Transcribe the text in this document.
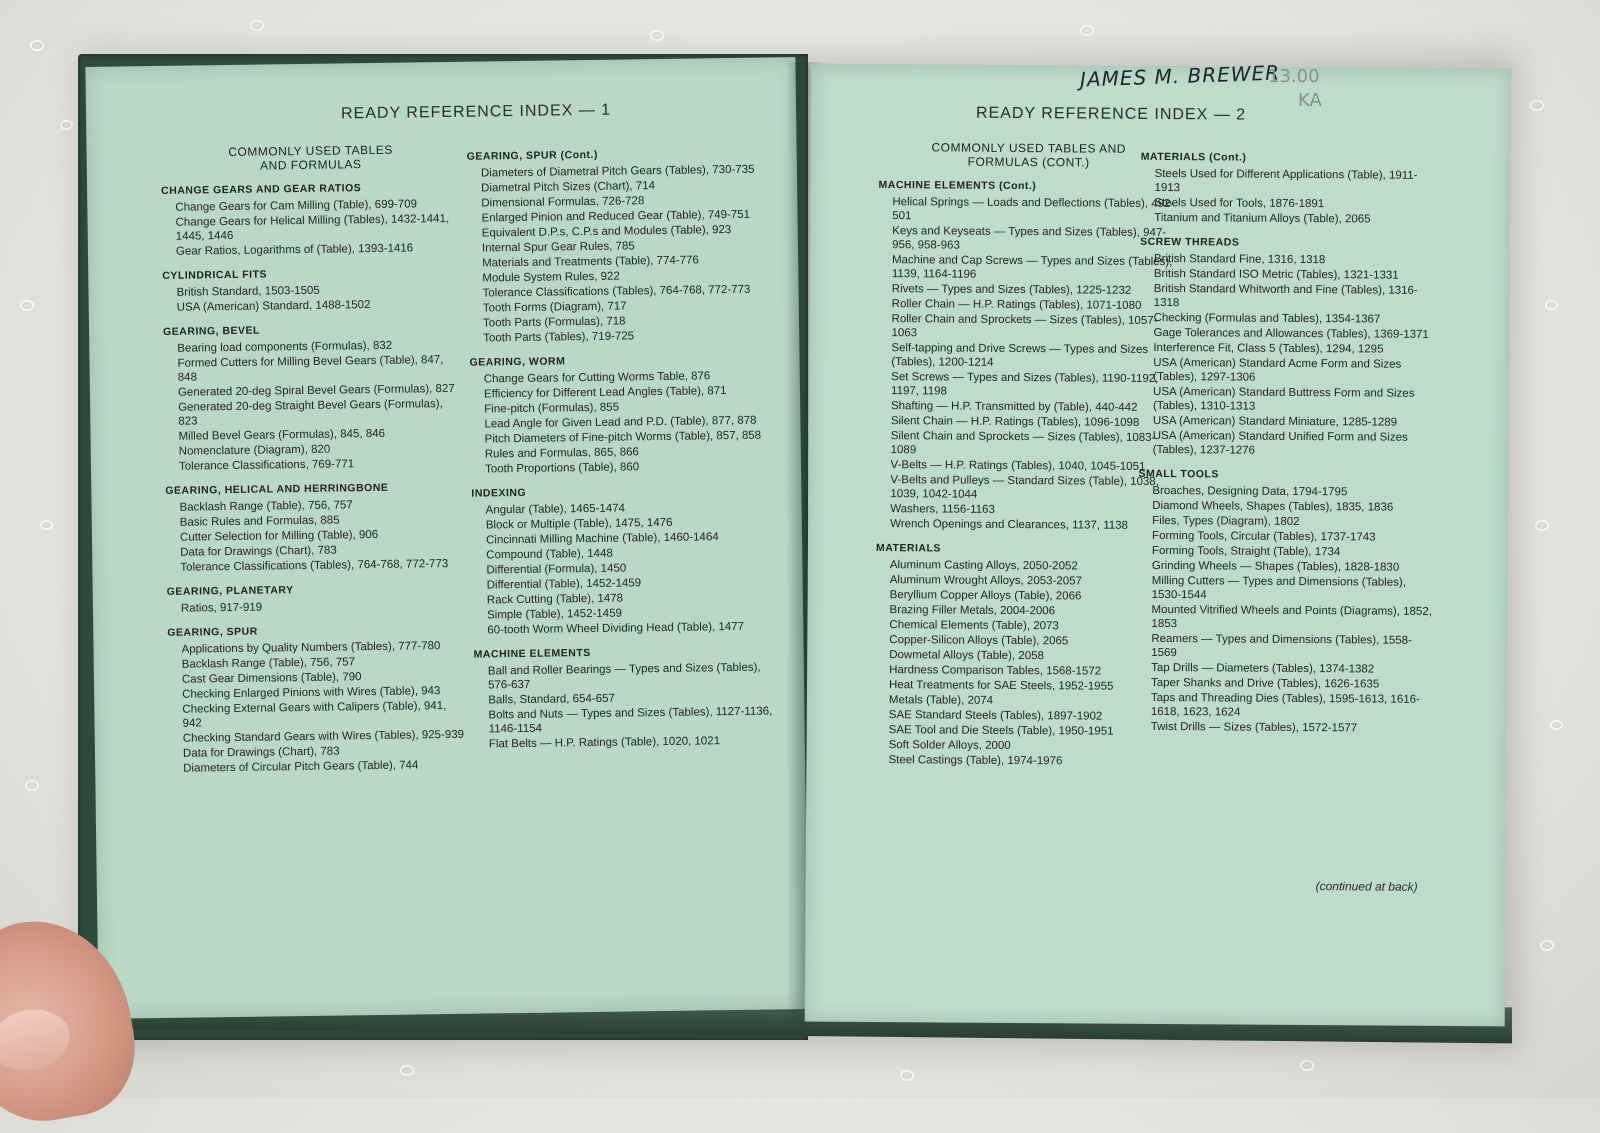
READY REFERENCE INDEX — 1
COMMONLY USED TABLES
AND FORMULAS
CHANGE GEARS AND GEAR RATIOS
Change Gears for Cam Milling (Table), 699-709
Change Gears for Helical Milling (Tables), 1432-1441, 1445, 1446
Gear Ratios, Logarithms of (Table), 1393-1416
CYLINDRICAL FITS
British Standard, 1503-1505
USA (American) Standard, 1488-1502
GEARING, BEVEL
Bearing load components (Formulas), 832
Formed Cutters for Milling Bevel Gears (Table), 847, 848
Generated 20-deg Spiral Bevel Gears (Formulas), 827
Generated 20-deg Straight Bevel Gears (Formulas), 823
Milled Bevel Gears (Formulas), 845, 846
Nomenclature (Diagram), 820
Tolerance Classifications, 769-771
GEARING, HELICAL AND HERRINGBONE
Backlash Range (Table), 756, 757
Basic Rules and Formulas, 885
Cutter Selection for Milling (Table), 906
Data for Drawings (Chart), 783
Tolerance Classifications (Tables), 764-768, 772-773
GEARING, PLANETARY
Ratios, 917-919
GEARING, SPUR
Applications by Quality Numbers (Tables), 777-780
Backlash Range (Table), 756, 757
Cast Gear Dimensions (Table), 790
Checking Enlarged Pinions with Wires (Table), 943
Checking External Gears with Calipers (Table), 941, 942
Checking Standard Gears with Wires (Tables), 925-939
Data for Drawings (Chart), 783
Diameters of Circular Pitch Gears (Table), 744
GEARING, SPUR (Cont.)
Diameters of Diametral Pitch Gears (Tables), 730-735
Diametral Pitch Sizes (Chart), 714
Dimensional Formulas, 726-728
Enlarged Pinion and Reduced Gear (Table), 749-751
Equivalent D.P.s, C.P.s and Modules (Table), 923
Internal Spur Gear Rules, 785
Materials and Treatments (Table), 774-776
Module System Rules, 922
Tolerance Classifications (Tables), 764-768, 772-773
Tooth Forms (Diagram), 717
Tooth Parts (Formulas), 718
Tooth Parts (Tables), 719-725
GEARING, WORM
Change Gears for Cutting Worms Table, 876
Efficiency for Different Lead Angles (Table), 871
Fine-pitch (Formulas), 855
Lead Angle for Given Lead and P.D. (Table), 877, 878
Pitch Diameters of Fine-pitch Worms (Table), 857, 858
Rules and Formulas, 865, 866
Tooth Proportions (Table), 860
INDEXING
Angular (Table), 1465-1474
Block or Multiple (Table), 1475, 1476
Cincinnati Milling Machine (Table), 1460-1464
Compound (Table), 1448
Differential (Formula), 1450
Differential (Table), 1452-1459
Rack Cutting (Table), 1478
Simple (Table), 1452-1459
60-tooth Worm Wheel Dividing Head (Table), 1477
MACHINE ELEMENTS
Ball and Roller Bearings — Types and Sizes (Tables), 576-637
Balls, Standard, 654-657
Bolts and Nuts — Types and Sizes (Tables), 1127-1136, 1146-1154
Flat Belts — H.P. Ratings (Table), 1020, 1021
READY REFERENCE INDEX — 2
COMMONLY USED TABLES AND
FORMULAS (CONT.)
MACHINE ELEMENTS (Cont.)
Helical Springs — Loads and Deflections (Tables), 492-501
Keys and Keyseats — Types and Sizes (Tables), 947-956, 958-963
Machine and Cap Screws — Types and Sizes (Tables), 1139, 1164-1196
Rivets — Types and Sizes (Tables), 1225-1232
Roller Chain — H.P. Ratings (Tables), 1071-1080
Roller Chain and Sprockets — Sizes (Tables), 1057-1063
Self-tapping and Drive Screws — Types and Sizes (Tables), 1200-1214
Set Screws — Types and Sizes (Tables), 1190-1192, 1197, 1198
Shafting — H.P. Transmitted by (Table), 440-442
Silent Chain — H.P. Ratings (Tables), 1096-1098
Silent Chain and Sprockets — Sizes (Tables), 1083-1089
V-Belts — H.P. Ratings (Tables), 1040, 1045-1051
V-Belts and Pulleys — Standard Sizes (Table), 1038, 1039, 1042-1044
Washers, 1156-1163
Wrench Openings and Clearances, 1137, 1138
MATERIALS
Aluminum Casting Alloys, 2050-2052
Aluminum Wrought Alloys, 2053-2057
Beryllium Copper Alloys (Table), 2066
Brazing Filler Metals, 2004-2006
Chemical Elements (Table), 2073
Copper-Silicon Alloys (Table), 2065
Dowmetal Alloys (Table), 2058
Hardness Comparison Tables, 1568-1572
Heat Treatments for SAE Steels, 1952-1955
Metals (Table), 2074
SAE Standard Steels (Tables), 1897-1902
SAE Tool and Die Steels (Table), 1950-1951
Soft Solder Alloys, 2000
Steel Castings (Table), 1974-1976
MATERIALS (Cont.)
Steels Used for Different Applications (Table), 1911-1913
Steels Used for Tools, 1876-1891
Titanium and Titanium Alloys (Table), 2065
SCREW THREADS
British Standard Fine, 1316, 1318
British Standard ISO Metric (Tables), 1321-1331
British Standard Whitworth and Fine (Tables), 1316-1318
Checking (Formulas and Tables), 1354-1367
Gage Tolerances and Allowances (Tables), 1369-1371
Interference Fit, Class 5 (Tables), 1294, 1295
USA (American) Standard Acme Form and Sizes (Tables), 1297-1306
USA (American) Standard Buttress Form and Sizes (Tables), 1310-1313
USA (American) Standard Miniature, 1285-1289
USA (American) Standard Unified Form and Sizes (Tables), 1237-1276
SMALL TOOLS
Broaches, Designing Data, 1794-1795
Diamond Wheels, Shapes (Tables), 1835, 1836
Files, Types (Diagram), 1802
Forming Tools, Circular (Tables), 1737-1743
Forming Tools, Straight (Table), 1734
Grinding Wheels — Shapes (Tables), 1828-1830
Milling Cutters — Types and Dimensions (Tables), 1530-1544
Mounted Vitrified Wheels and Points (Diagrams), 1852, 1853
Reamers — Types and Dimensions (Tables), 1558-1569
Tap Drills — Diameters (Tables), 1374-1382
Taper Shanks and Drive (Tables), 1626-1635
Taps and Threading Dies (Tables), 1595-1613, 1616-1618, 1623, 1624
Twist Drills — Sizes (Tables), 1572-1577
(continued at back)
JAMES M. BREWER
13.00
KA
